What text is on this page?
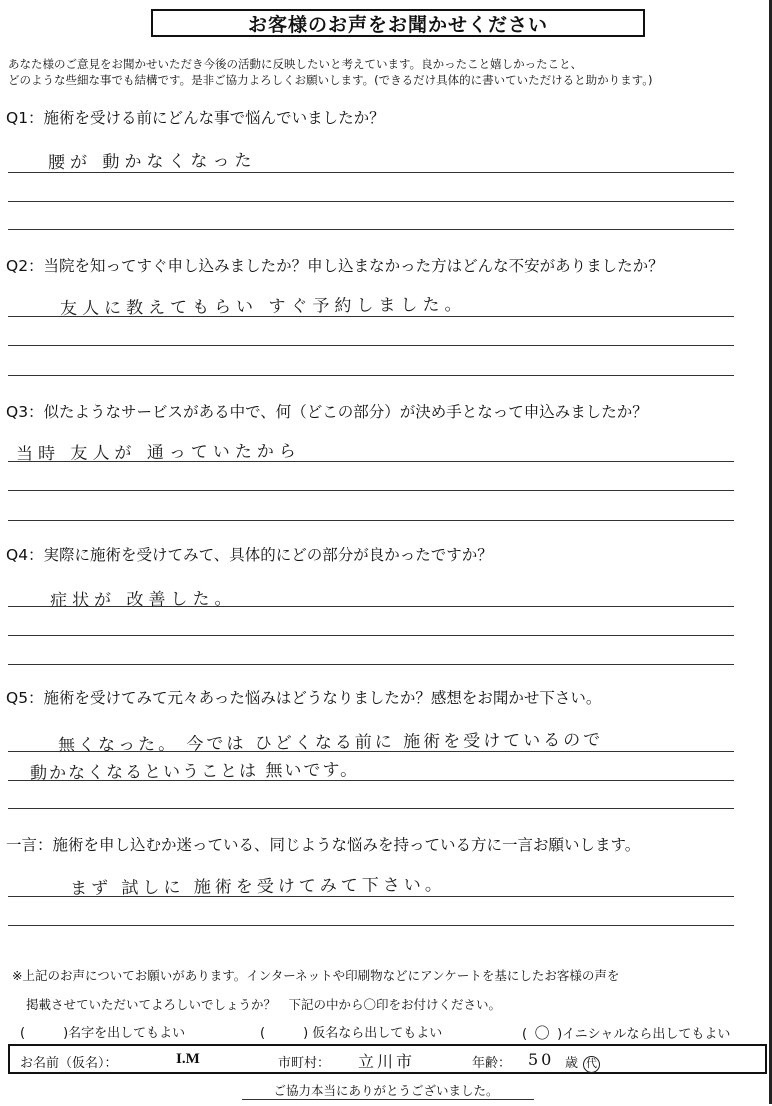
お客様のお声をお聞かせください
あなた様のご意見をお聞かせいただき今後の活動に反映したいと考えています。良かったこと嬉しかったこと、
どのような些細な事でも結構です。是非ご協力よろしくお願いします。(できるだけ具体的に書いていただけると助かります。)
Q1：施術を受ける前にどんな事で悩んでいましたか？
腰が 動かなくなった
Q2：当院を知ってすぐ申し込みましたか？申し込まなかった方はどんな不安がありましたか？
友人に教えてもらい すぐ予約しました。
Q3：似たようなサービスがある中で、何（どこの部分）が決め手となって申込みましたか？
当時 友人が 通っていたから
Q4：実際に施術を受けてみて、具体的にどの部分が良かったですか？
症状が 改善した。
Q5：施術を受けてみて元々あった悩みはどうなりましたか？感想をお聞かせ下さい。
無くなった。 今では ひどくなる前に 施術を受けているので
動かなくなるということは 無いです。
一言：施術を申し込むか迷っている、同じような悩みを持っている方に一言お願いします。
まず 試しに 施術を受けてみて下さい。
※上記のお声についてお願いがあります。インターネットや印刷物などにアンケートを基にしたお客様の声を
掲載させていただいてよろしいでしょうか？　下記の中から〇印をお付けください。
(	)名字を出してもよい	(	) 仮名なら出してもよい	( 〇 )イニシャルなら出してもよい
お名前（仮名）：	I.M	市町村： 立川市	年齢： 50 歳 代
ご協力本当にありがとうございました。
